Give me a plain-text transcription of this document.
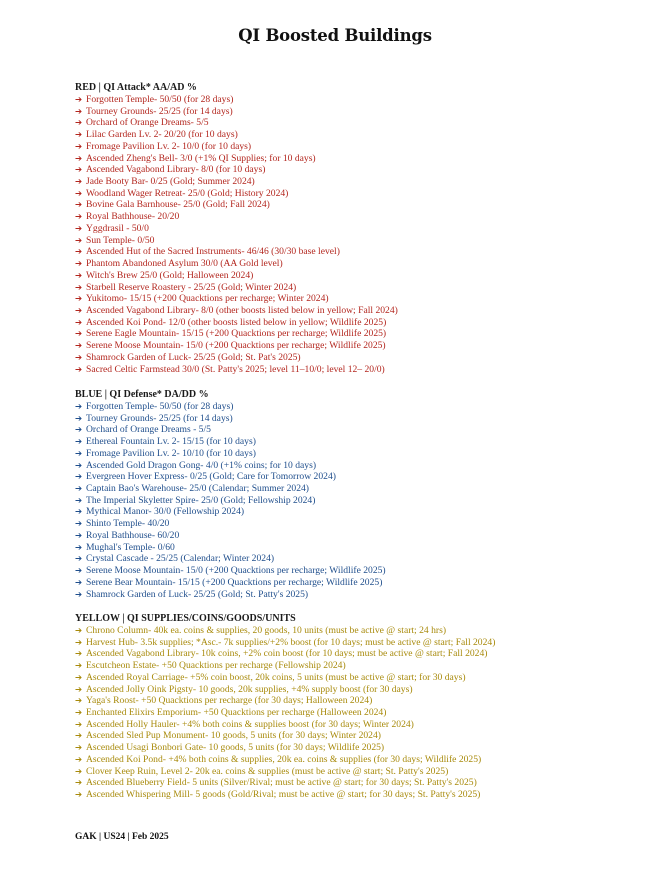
QI Boosted Buildings
RED | QI Attack* AA/AD %
➔ Forgotten Temple- 50/50 (for 28 days)
➔ Tourney Grounds- 25/25 (for 14 days)
➔ Orchard of Orange Dreams- 5/5
➔ Lilac Garden Lv. 2- 20/20 (for 10 days)
➔ Fromage Pavilion Lv. 2- 10/0 (for 10 days)
➔ Ascended Zheng's Bell- 3/0 (+1% QI Supplies; for 10 days)
➔ Ascended Vagabond Library- 8/0 (for 10 days)
➔ Jade Booty Bar- 0/25 (Gold; Summer 2024)
➔ Woodland Wager Retreat- 25/0 (Gold; History 2024)
➔ Bovine Gala Barnhouse- 25/0 (Gold; Fall 2024)
➔ Royal Bathhouse- 20/20
➔ Yggdrasil - 50/0
➔ Sun Temple- 0/50
➔ Ascended Hut of the Sacred Instruments- 46/46 (30/30 base level)
➔ Phantom Abandoned Asylum 30/0 (AA Gold level)
➔ Witch's Brew 25/0 (Gold; Halloween 2024)
➔ Starbell Reserve Roastery - 25/25 (Gold; Winter 2024)
➔ Yukitomo- 15/15 (+200 Quacktions per recharge; Winter 2024)
➔ Ascended Vagabond Library- 8/0 (other boosts listed below in yellow; Fall 2024)
➔ Ascended Koi Pond- 12/0 (other boosts listed below in yellow; Wildlife 2025)
➔ Serene Eagle Mountain- 15/15 (+200 Quacktions per recharge; Wildlife 2025)
➔ Serene Moose Mountain- 15/0 (+200 Quacktions per recharge; Wildlife 2025)
➔ Shamrock Garden of Luck- 25/25 (Gold; St. Pat's 2025)
➔ Sacred Celtic Farmstead 30/0 (St. Patty's 2025; level 11–10/0; level 12– 20/0)
BLUE | QI Defense* DA/DD %
➔ Forgotten Temple- 50/50 (for 28 days)
➔ Tourney Grounds- 25/25 (for 14 days)
➔ Orchard of Orange Dreams - 5/5
➔ Ethereal Fountain Lv. 2- 15/15 (for 10 days)
➔ Fromage Pavilion Lv. 2- 10/10 (for 10 days)
➔ Ascended Gold Dragon Gong- 4/0 (+1% coins; for 10 days)
➔ Evergreen Hover Express- 0/25 (Gold; Care for Tomorrow 2024)
➔ Captain Bao's Warehouse- 25/0 (Calendar; Summer 2024)
➔ The Imperial Skyletter Spire- 25/0 (Gold; Fellowship 2024)
➔ Mythical Manor- 30/0 (Fellowship 2024)
➔ Shinto Temple- 40/20
➔ Royal Bathhouse- 60/20
➔ Mughal's Temple- 0/60
➔ Crystal Cascade - 25/25 (Calendar; Winter 2024)
➔ Serene Moose Mountain- 15/0 (+200 Quacktions per recharge; Wildlife 2025)
➔ Serene Bear Mountain- 15/15 (+200 Quacktions per recharge; Wildlife 2025)
➔ Shamrock Garden of Luck- 25/25 (Gold; St. Patty's 2025)
YELLOW | QI SUPPLIES/COINS/GOODS/UNITS
➔ Chrono Column- 40k ea. coins & supplies, 20 goods, 10 units (must be active @ start; 24 hrs)
➔ Harvest Hub- 3.5k supplies; *Asc.- 7k supplies/+2% boost (for 10 days; must be active @ start; Fall 2024)
➔ Ascended Vagabond Library- 10k coins, +2% coin boost (for 10 days; must be active @ start; Fall 2024)
➔ Escutcheon Estate- +50 Quacktions per recharge (Fellowship 2024)
➔ Ascended Royal Carriage- +5% coin boost, 20k coins, 5 units (must be active @ start; for 30 days)
➔ Ascended Jolly Oink Pigsty- 10 goods, 20k supplies, +4% supply boost (for 30 days)
➔ Yaga's Roost- +50 Quacktions per recharge (for 30 days; Halloween 2024)
➔ Enchanted Elixirs Emporium- +50 Quacktions per recharge (Halloween 2024)
➔ Ascended Holly Hauler- +4% both coins & supplies boost (for 30 days; Winter 2024)
➔ Ascended Sled Pup Monument- 10 goods, 5 units (for 30 days; Winter 2024)
➔ Ascended Usagi Bonbori Gate- 10 goods, 5 units (for 30 days; Wildlife 2025)
➔ Ascended Koi Pond- +4% both coins & supplies, 20k ea. coins & supplies (for 30 days; Wildlife 2025)
➔ Clover Keep Ruin, Level 2- 20k ea. coins & supplies (must be active @ start; St. Patty's 2025)
➔ Ascended Blueberry Field- 5 units (Silver/Rival; must be active @ start; for 30 days; St. Patty's 2025)
➔ Ascended Whispering Mill- 5 goods (Gold/Rival; must be active @ start; for 30 days; St. Patty's 2025)
GAK | US24 | Feb 2025
